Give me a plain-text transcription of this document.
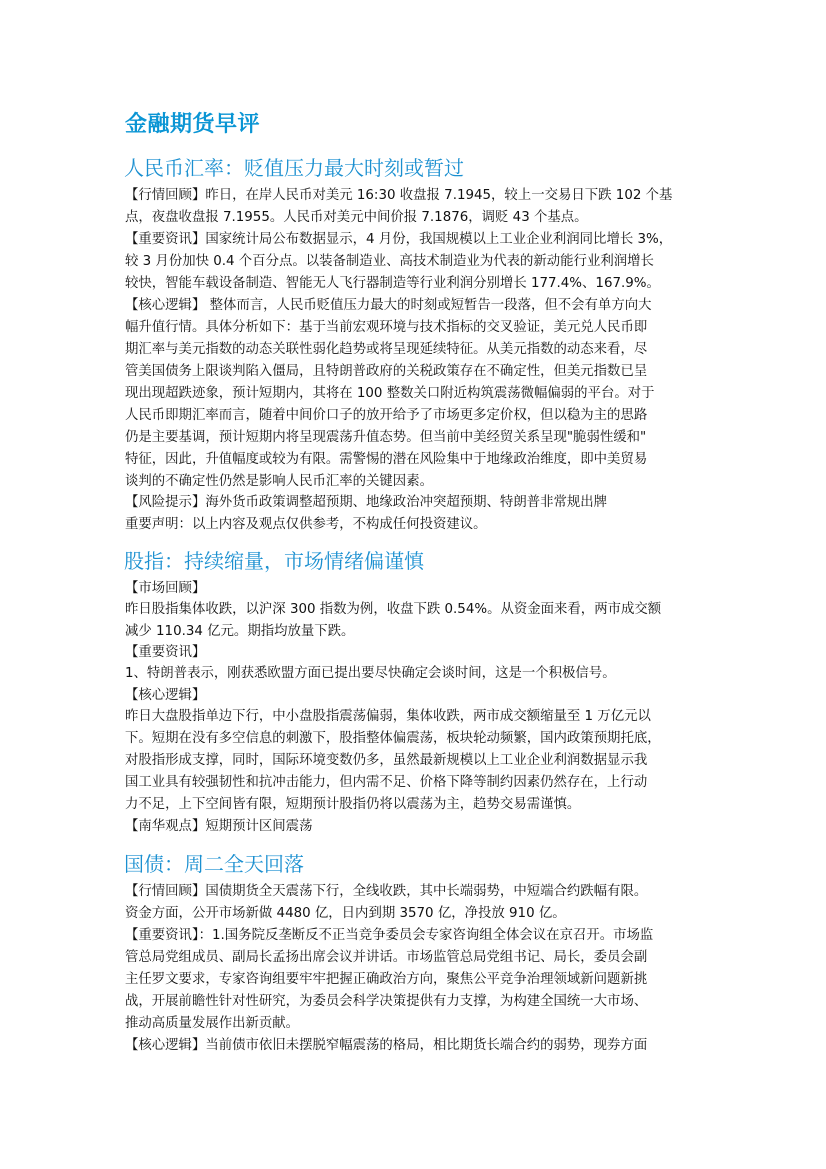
金融期货早评
人民币汇率：贬值压力最大时刻或暂过
【行情回顾】昨日，在岸人民币对美元 16:30 收盘报 7.1945，较上一交易日下跌 102 个基
点，夜盘收盘报 7.1955。人民币对美元中间价报 7.1876，调贬 43 个基点。
【重要资讯】国家统计局公布数据显示，4 月份，我国规模以上工业企业利润同比增长 3%，
较 3 月份加快 0.4 个百分点。以装备制造业、高技术制造业为代表的新动能行业利润增长
较快，智能车载设备制造、智能无人飞行器制造等行业利润分别增长 177.4%、167.9%。
【核心逻辑】 整体而言，人民币贬值压力最大的时刻或短暂告一段落，但不会有单方向大
幅升值行情。具体分析如下：基于当前宏观环境与技术指标的交叉验证，美元兑人民币即
期汇率与美元指数的动态关联性弱化趋势或将呈现延续特征。从美元指数的动态来看，尽
管美国债务上限谈判陷入僵局，且特朗普政府的关税政策存在不确定性，但美元指数已呈
现出现超跌迹象，预计短期内，其将在 100 整数关口附近构筑震荡微幅偏弱的平台。对于
人民币即期汇率而言，随着中间价口子的放开给予了市场更多定价权，但以稳为主的思路
仍是主要基调，预计短期内将呈现震荡升值态势。但当前中美经贸关系呈现"脆弱性缓和"
特征，因此，升值幅度或较为有限。需警惕的潜在风险集中于地缘政治维度，即中美贸易
谈判的不确定性仍然是影响人民币汇率的关键因素。
【风险提示】海外货币政策调整超预期、地缘政治冲突超预期、特朗普非常规出牌
重要声明：以上内容及观点仅供参考，不构成任何投资建议。
股指：持续缩量，市场情绪偏谨慎
【市场回顾】
昨日股指集体收跌，以沪深 300 指数为例，收盘下跌 0.54%。从资金面来看，两市成交额
减少 110.34 亿元。期指均放量下跌。
【重要资讯】
1、特朗普表示，刚获悉欧盟方面已提出要尽快确定会谈时间，这是一个积极信号。
【核心逻辑】
昨日大盘股指单边下行，中小盘股指震荡偏弱，集体收跌，两市成交额缩量至 1 万亿元以
下。短期在没有多空信息的刺激下，股指整体偏震荡，板块轮动频繁，国内政策预期托底，
对股指形成支撑，同时，国际环境变数仍多，虽然最新规模以上工业企业利润数据显示我
国工业具有较强韧性和抗冲击能力，但内需不足、价格下降等制约因素仍然存在，上行动
力不足，上下空间皆有限，短期预计股指仍将以震荡为主，趋势交易需谨慎。
【南华观点】短期预计区间震荡
国债：周二全天回落
【行情回顾】国债期货全天震荡下行，全线收跌，其中长端弱势，中短端合约跌幅有限。
资金方面，公开市场新做 4480 亿，日内到期 3570 亿，净投放 910 亿。
【重要资讯】：1.国务院反垄断反不正当竞争委员会专家咨询组全体会议在京召开。市场监
管总局党组成员、副局长孟扬出席会议并讲话。市场监管总局党组书记、局长，委员会副
主任罗文要求，专家咨询组要牢牢把握正确政治方向，聚焦公平竞争治理领域新问题新挑
战，开展前瞻性针对性研究，为委员会科学决策提供有力支撑，为构建全国统一大市场、
推动高质量发展作出新贡献。
【核心逻辑】当前债市依旧未摆脱窄幅震荡的格局，相比期货长端合约的弱势，现券方面
